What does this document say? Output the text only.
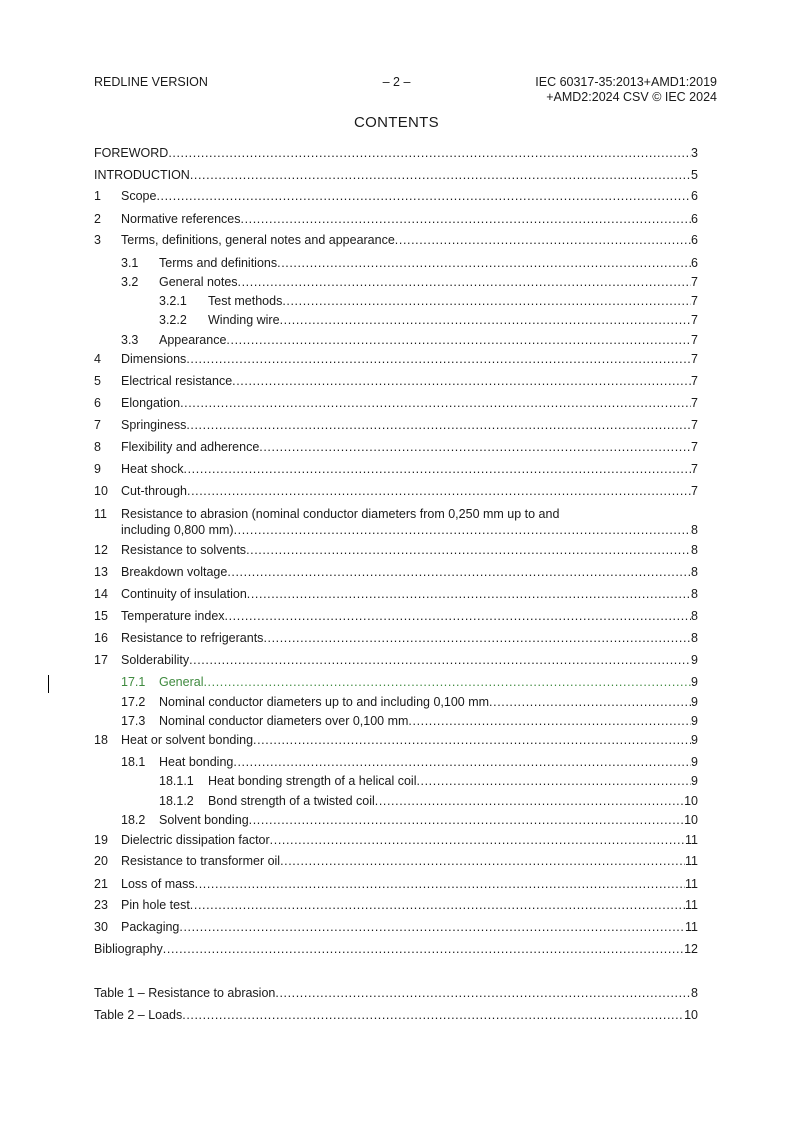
REDLINE VERSION	– 2 –	IEC 60317-35:2013+AMD1:2019
+AMD2:2024 CSV © IEC 2024
CONTENTS
FOREWORD .....	3
INTRODUCTION .....	5
1	Scope .....	6
2	Normative references .....	6
3	Terms, definitions, general notes and appearance .....	6
3.1	Terms and definitions .....	6
3.2	General notes .....	7
3.2.1	Test methods .....	7
3.2.2	Winding wire .....	7
3.3	Appearance .....	7
4	Dimensions .....	7
5	Electrical resistance .....	7
6	Elongation .....	7
7	Springiness .....	7
8	Flexibility and adherence .....	7
9	Heat shock .....	7
10	Cut-through .....	7
11	Resistance to abrasion (nominal conductor diameters from 0,250 mm up to and
including 0,800 mm) .....	8
12	Resistance to solvents .....	8
13	Breakdown voltage .....	8
14	Continuity of insulation .....	8
15	Temperature index .....	8
16	Resistance to refrigerants .....	8
17	Solderability .....	9
17.1	General .....	9
17.2	Nominal conductor diameters up to and including 0,100 mm .....	9
17.3	Nominal conductor diameters over 0,100 mm .....	9
18	Heat or solvent bonding .....	9
18.1	Heat bonding .....	9
18.1.1	Heat bonding strength of a helical coil .....	9
18.1.2	Bond strength of a twisted coil .....	10
18.2	Solvent bonding .....	10
19	Dielectric dissipation factor .....	11
20	Resistance to transformer oil .....	11
21	Loss of mass .....	11
23	Pin hole test .....	11
30	Packaging .....	11
Bibliography .....	12
Table 1 – Resistance to abrasion .....	8
Table 2 – Loads .....	10
